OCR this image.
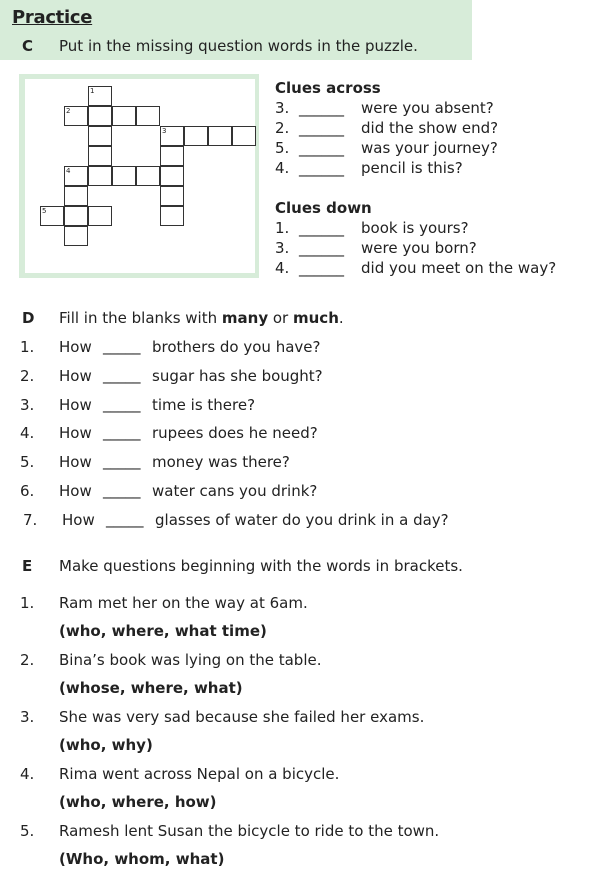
Practice
C Put in the missing question words in the puzzle.
Clues across
Clues down
D Fill in the blanks with many or much.
E Make questions beginning with the words in brackets.
1
2
3
4
5
3. ______ were you absent?
2. ______ did the show end?
5. ______ was your journey?
4. ______ pencil is this?
1. ______ book is yours?
3. ______ were you born?
4. ______ did you meet on the way?
1. How _____ brothers do you have?
2. How _____ sugar has she bought?
3. How _____ time is there?
4. How _____ rupees does he need?
5. How _____ money was there?
6. How _____ water cans you drink?
7. How _____ glasses of water do you drink in a day?
1. Ram met her on the way at 6am.
(who, where, what time)
2. Bina’s book was lying on the table.
(whose, where, what)
3. She was very sad because she failed her exams.
(who, why)
4. Rima went across Nepal on a bicycle.
(who, where, how)
5. Ramesh lent Susan the bicycle to ride to the town.
(Who, whom, what)
